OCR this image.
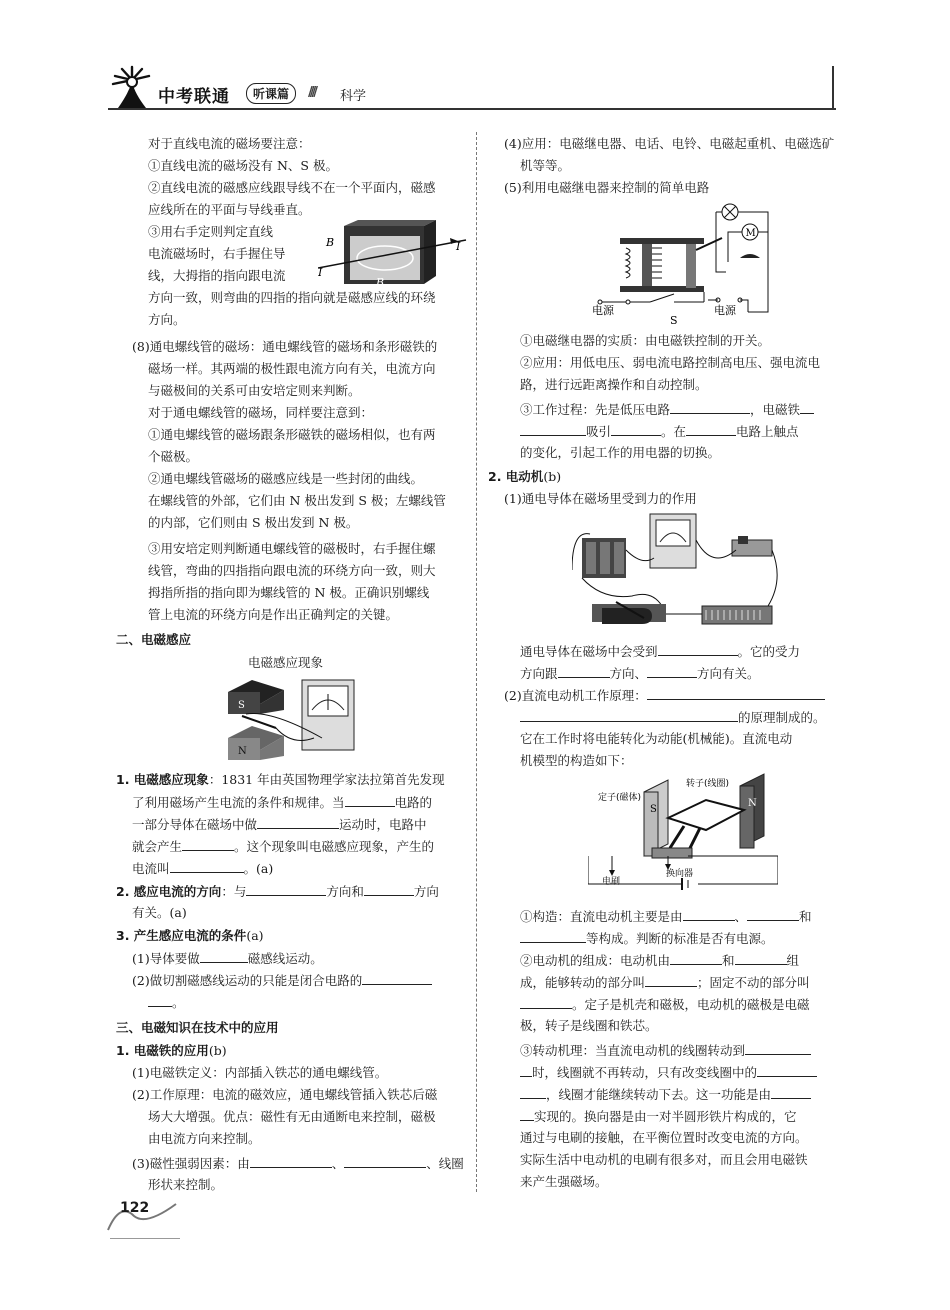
中考联通	听课篇	//// 科学
对于直线电流的磁场要注意：
①直线电流的磁场没有 N、S 极。
②直线电流的磁感应线跟导线不在一个平面内，磁感
应线所在的平面与导线垂直。
③用右手定则判定直线
电流磁场时，右手握住导
线，大拇指的指向跟电流
方向一致，则弯曲的四指的指向就是磁感应线的环绕
方向。
B
B
I
I
(8)通电螺线管的磁场：通电螺线管的磁场和条形磁铁的
磁场一样。其两端的极性跟电流方向有关，电流方向
与磁极间的关系可由安培定则来判断。
对于通电螺线管的磁场，同样要注意到：
①通电螺线管的磁场跟条形磁铁的磁场相似，也有两
个磁极。
②通电螺线管磁场的磁感应线是一些封闭的曲线。
在螺线管的外部，它们由 N 极出发到 S 极；左螺线管
的内部，它们则由 S 极出发到 N 极。
③用安培定则判断通电螺线管的磁极时，右手握住螺
线管，弯曲的四指指向跟电流的环绕方向一致，则大
拇指所指的指向即为螺线管的 N 极。正确识别螺线
管上电流的环绕方向是作出正确判定的关键。
二、电磁感应
电磁感应现象
S
N
1. 电磁感应现象：1831 年由英国物理学家法拉第首先发现
了利用磁场产生电流的条件和规律。当	电路的
一部分导体在磁场中做	运动时，电路中
就会产生	。这个现象叫电磁感应现象，产生的
电流叫	。(a)
2. 感应电流的方向：与	方向和	方向
有关。(a)
3. 产生感应电流的条件(a)
(1)导体要做	磁感线运动。
(2)做切割磁感线运动的只能是闭合电路的
。
三、电磁知识在技术中的应用
1. 电磁铁的应用(b)
(1)电磁铁定义：内部插入铁芯的通电螺线管。
(2)工作原理：电流的磁效应，通电螺线管插入铁芯后磁
场大大增强。优点：磁性有无由通断电来控制，磁极
由电流方向来控制。
(3)磁性强弱因素：由	、	、线圈
形状来控制。
(4)应用：电磁继电器、电话、电铃、电磁起重机、电磁选矿
机等等。
(5)利用电磁继电器来控制的简单电路
M
电源	电源
S
①电磁继电器的实质：由电磁铁控制的开关。
②应用：用低电压、弱电流电路控制高电压、强电流电
路，进行远距离操作和自动控制。
③工作过程：先是低压电路	，电磁铁
吸引	。在	电路上触点
的变化，引起工作的用电器的切换。
2. 电动机(b)
(1)通电导体在磁场里受到力的作用
通电导体在磁场中会受到	。它的受力
方向跟	方向、	方向有关。
(2)直流电动机工作原理：
的原理制成的。
它在工作时将电能转化为动能(机械能)。直流电动
机模型的构造如下：
转子(线圈)
定子(磁体)
电刷
换向器
S
N
①构造：直流电动机主要是由	、	和
等构成。判断的标准是否有电源。
②电动机的组成：电动机由	和	组
成，能够转动的部分叫	；固定不动的部分叫
。定子是机壳和磁极，电动机的磁极是电磁
极，转子是线圈和铁芯。
③转动机理：当直流电动机的线圈转动到
时，线圈就不再转动，只有改变线圈中的
，线圈才能继续转动下去。这一功能是由
实现的。换向器是由一对半圆形铁片构成的，它
通过与电刷的接触，在平衡位置时改变电流的方向。
实际生活中电动机的电刷有很多对，而且会用电磁铁
来产生强磁场。
122
